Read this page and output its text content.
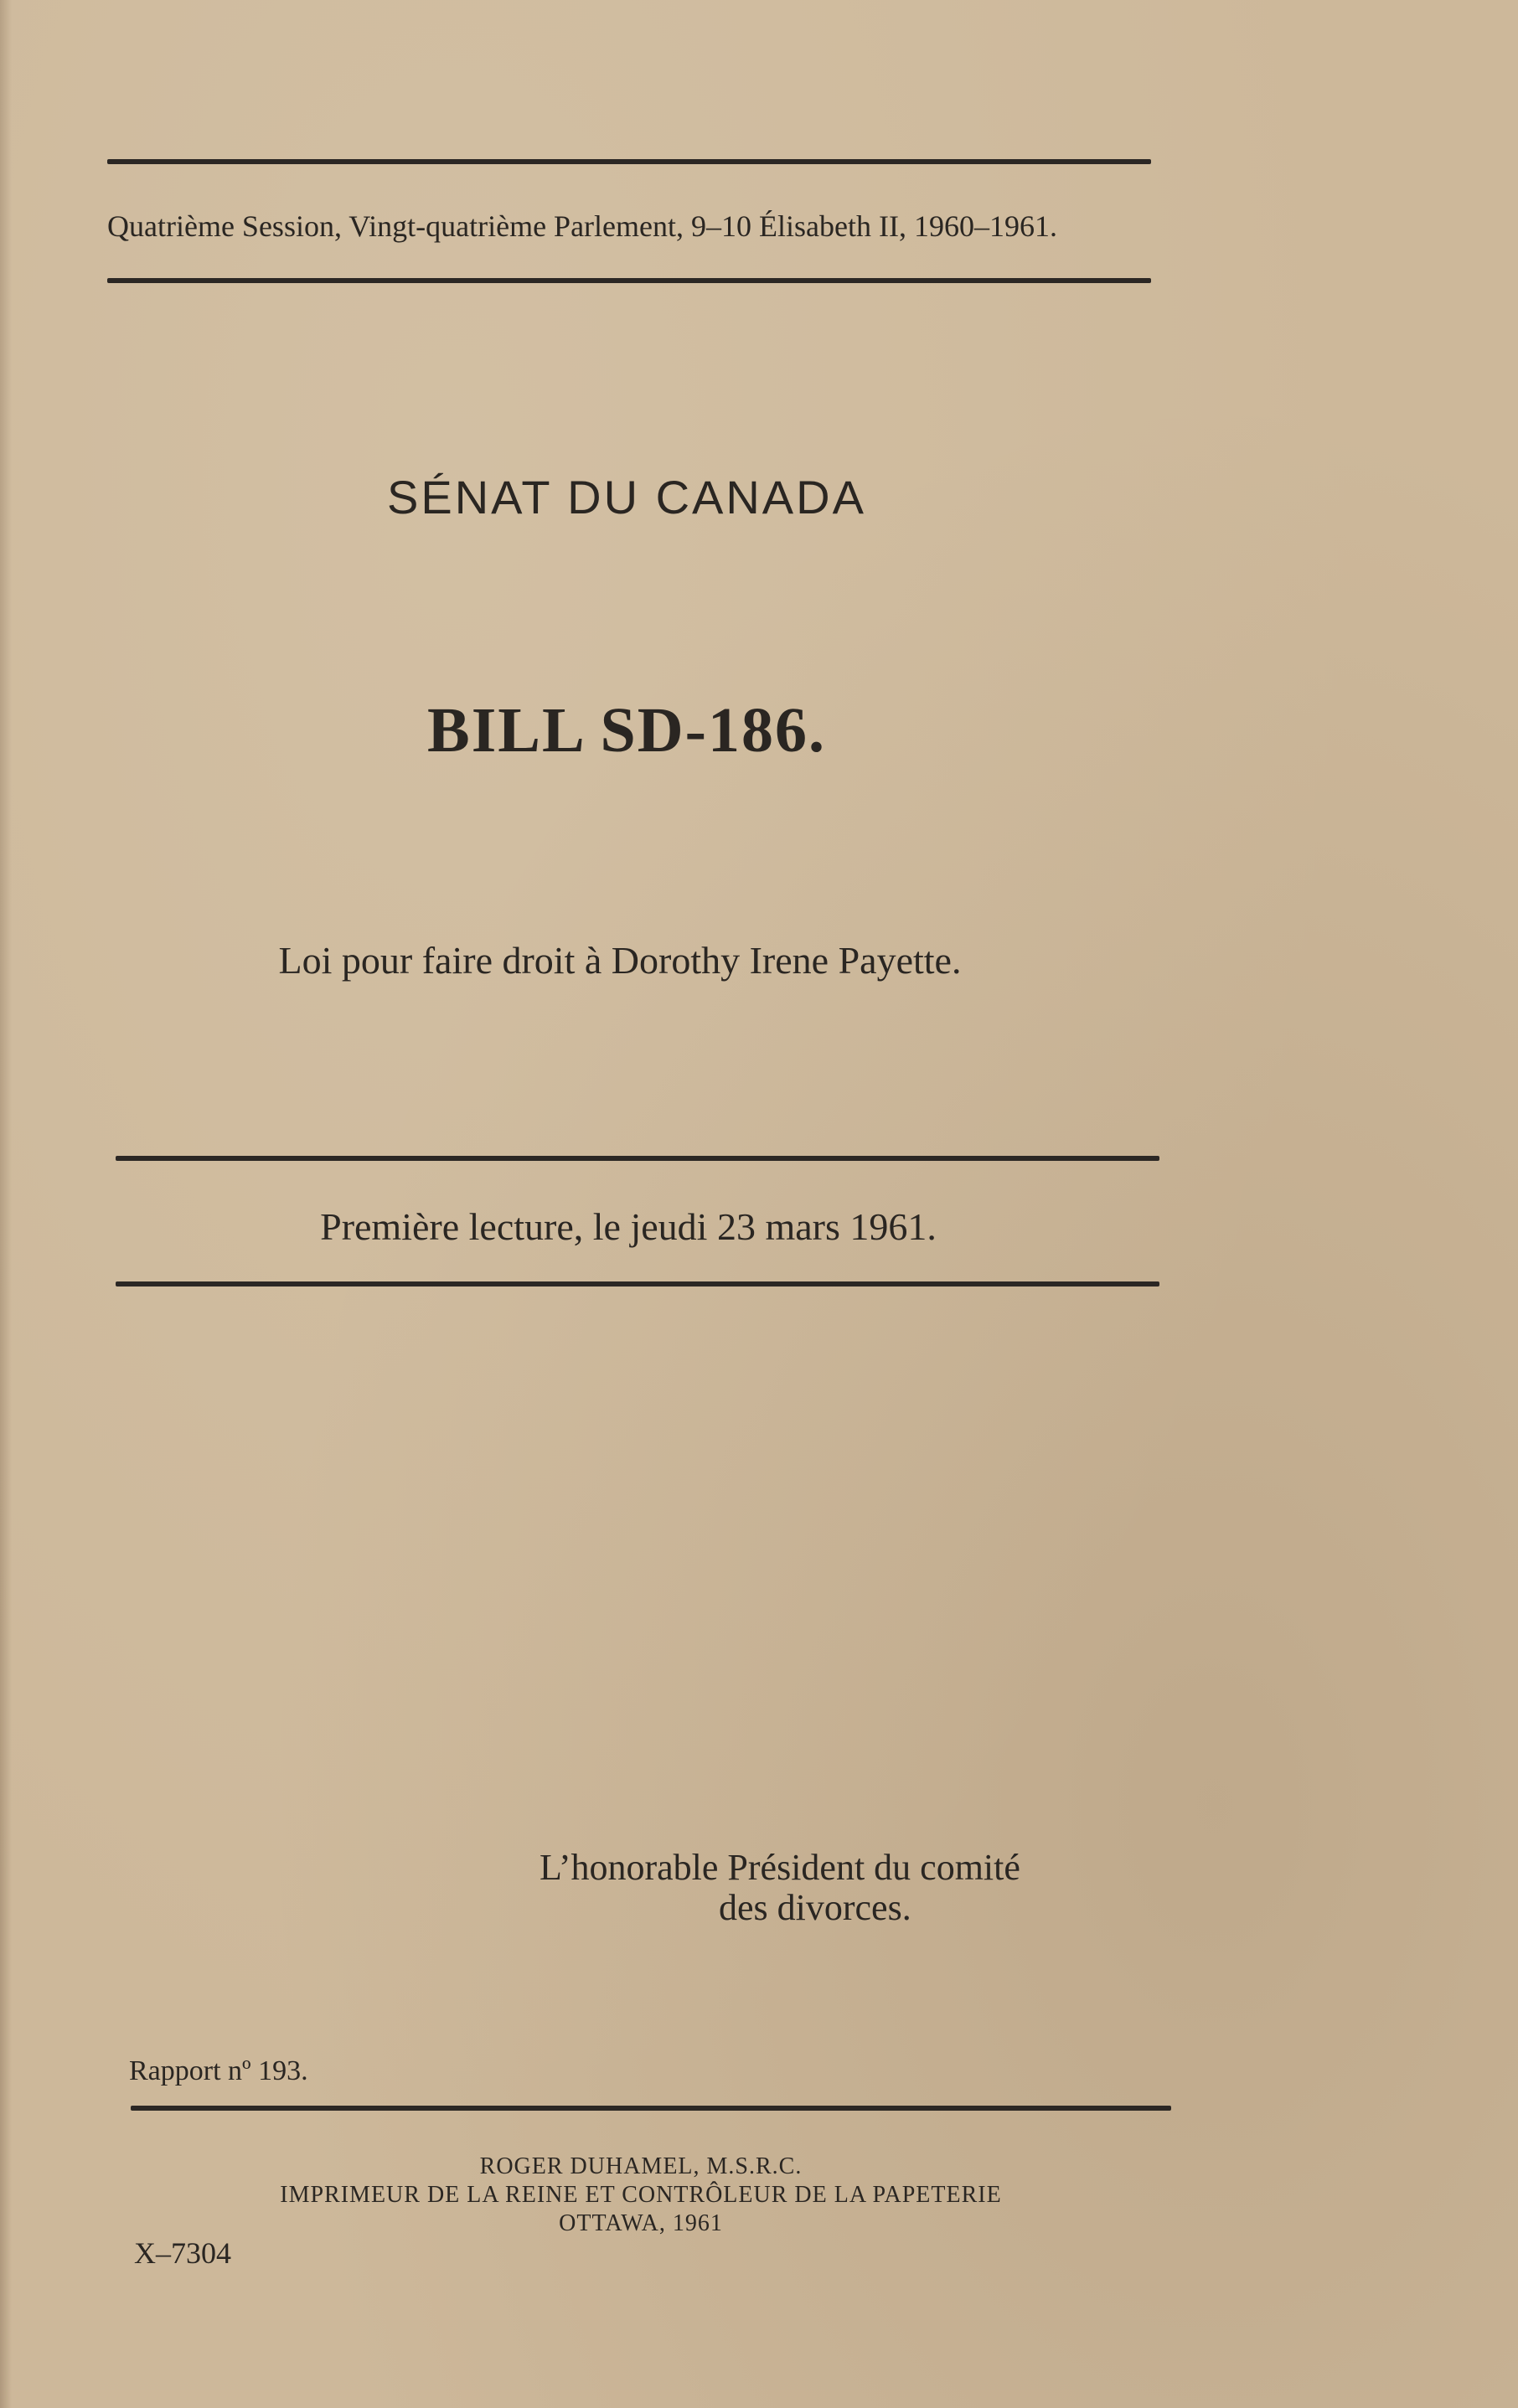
Quatrième Session, Vingt-quatrième Parlement, 9–10 Élisabeth II, 1960–1961.
SÉNAT DU CANADA
BILL SD-186.
Loi pour faire droit à Dorothy Irene Payette.
Première lecture, le jeudi 23 mars 1961.
L’honorable Président du comité
des divorces.
Rapport nº 193.
ROGER DUHAMEL, M.S.R.C.
IMPRIMEUR DE LA REINE ET CONTRÔLEUR DE LA PAPETERIE
OTTAWA, 1961
X–7304
